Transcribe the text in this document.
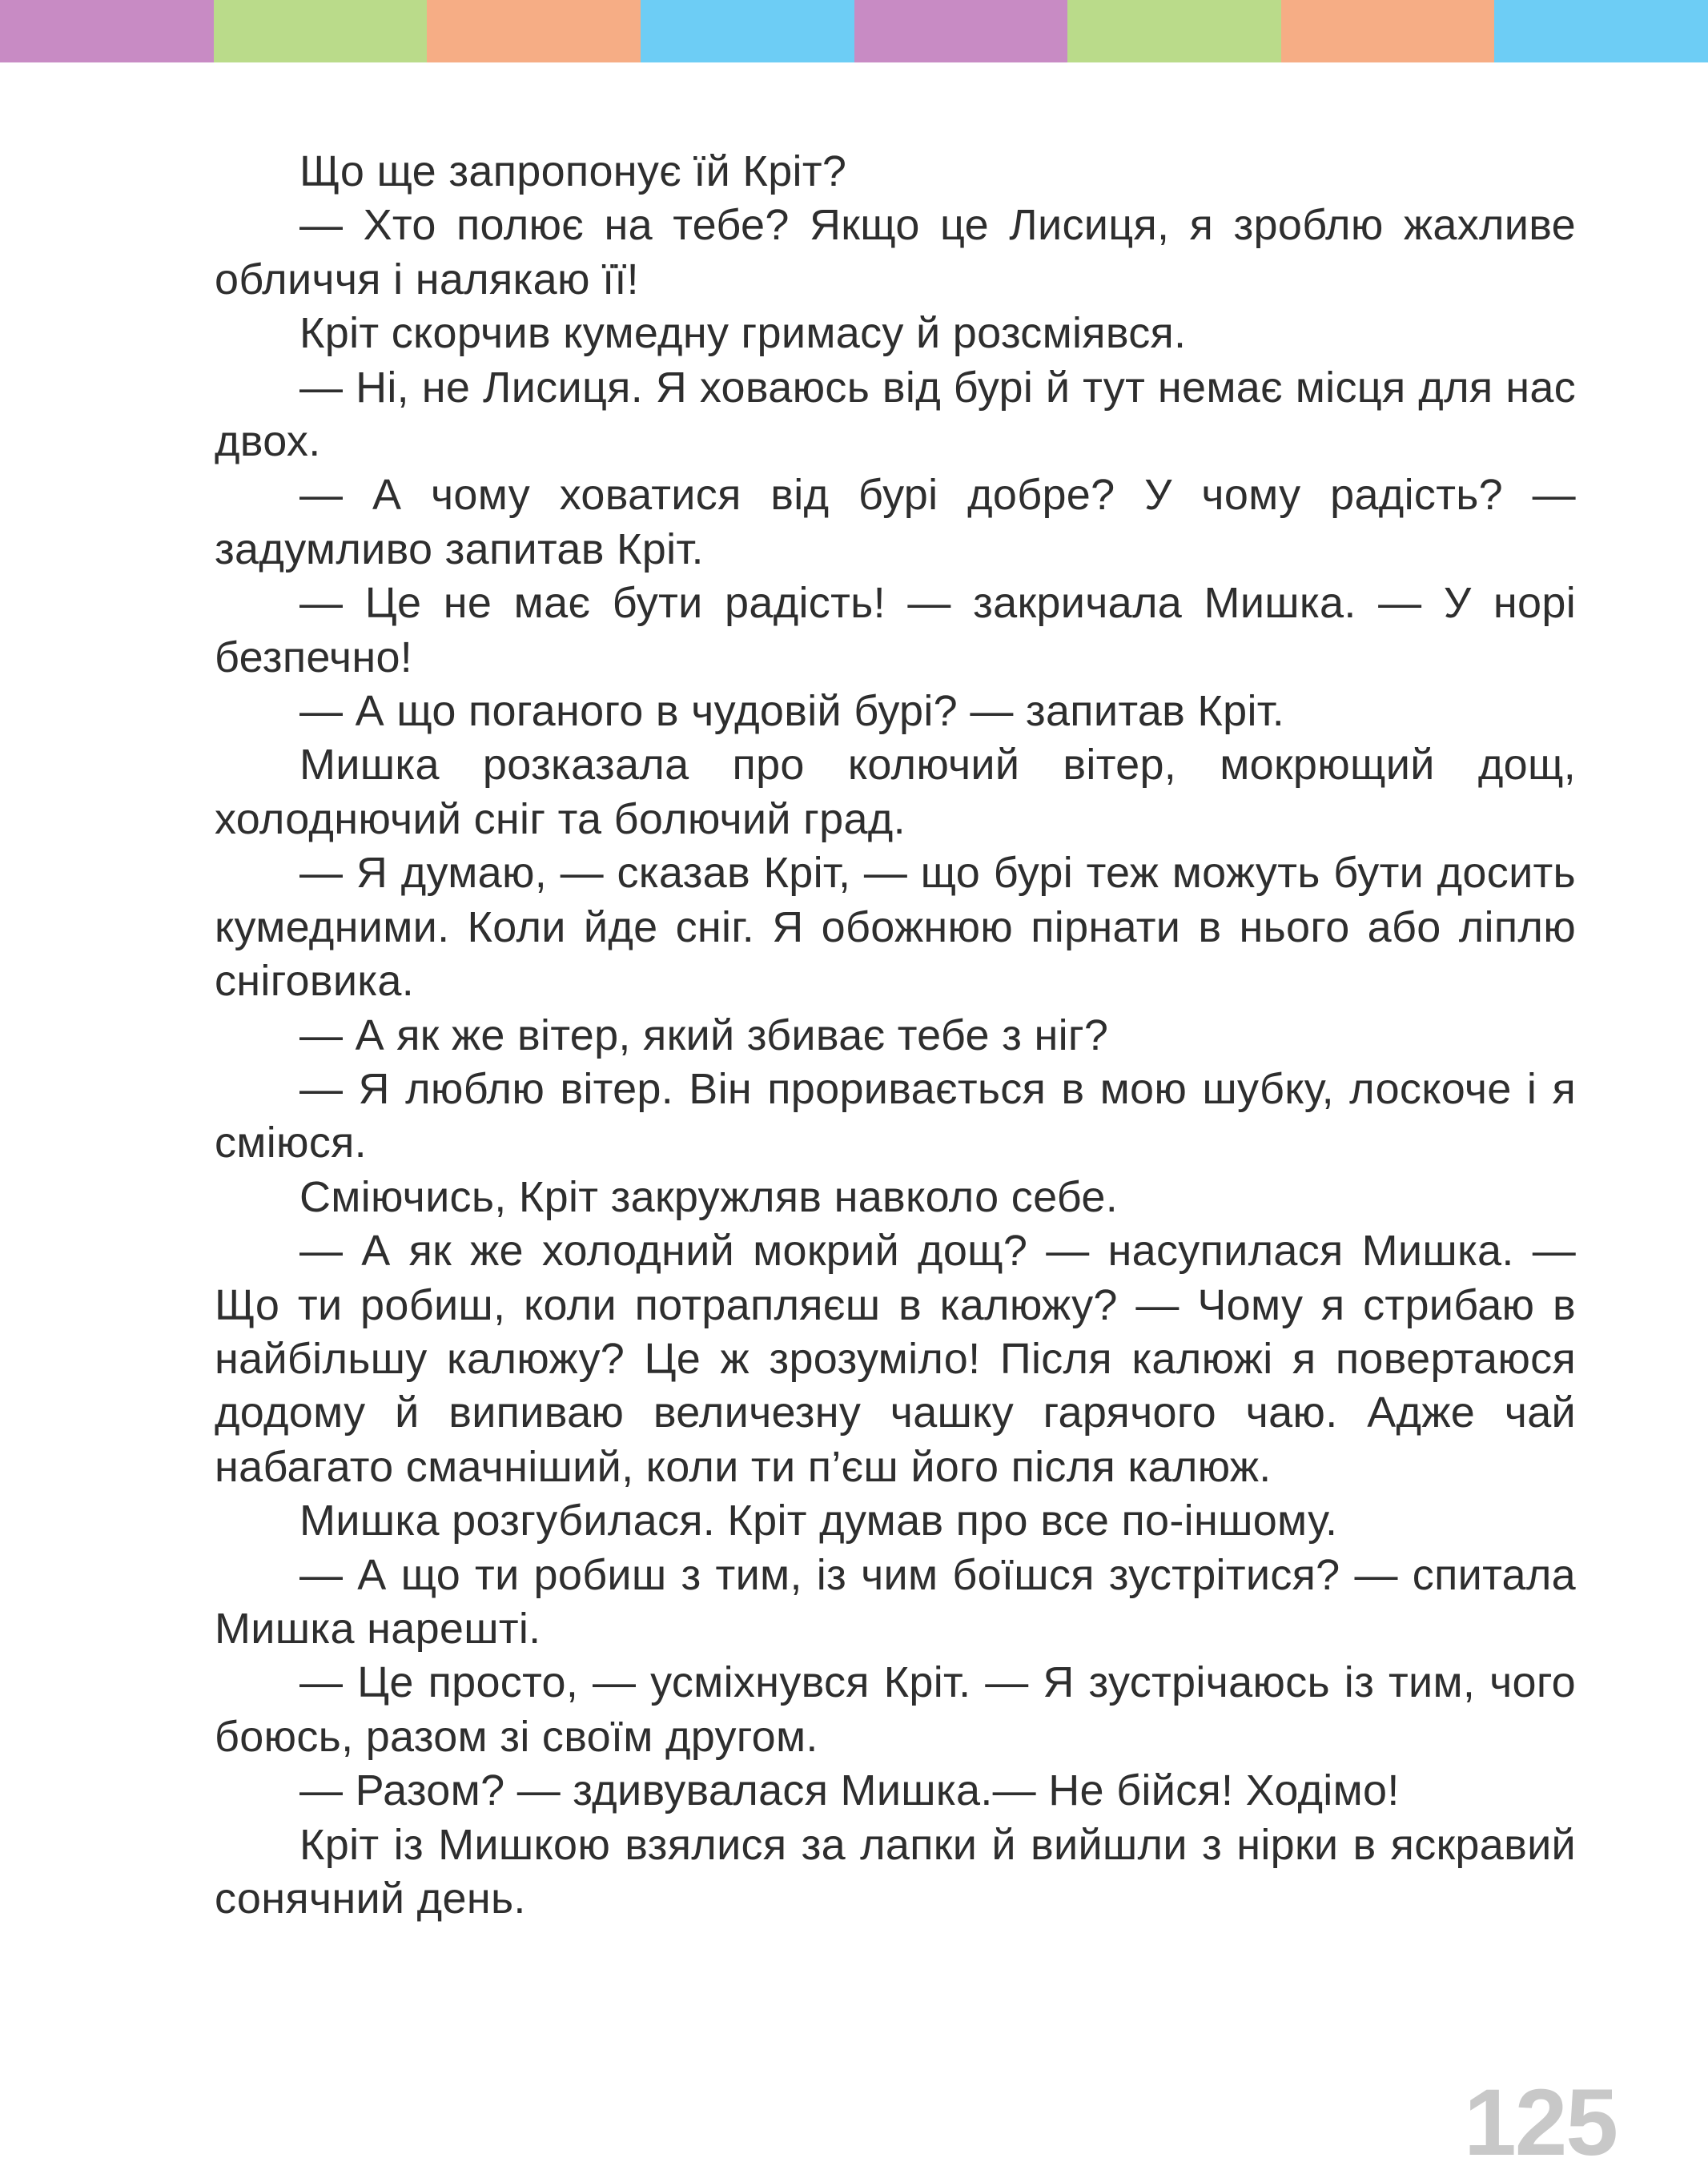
Що ще запропонує їй Кріт?

— Хто полює на тебе? Якщо це Лисиця, я зроблю жахливе обличчя і налякаю її!

Кріт скорчив кумедну гримасу й розсміявся.

— Ні, не Лисиця. Я ховаюсь від бурі й тут немає місця для нас двох.

— А чому ховатися від бурі добре? У чому радість? — задумливо запитав Кріт.

— Це не має бути радість! — закричала Мишка. — У норі безпечно!

— А що поганого в чудовій бурі? — запитав Кріт.

Мишка розказала про колючий вітер, мокрющий дощ, холоднючий сніг та болючий град.

— Я думаю, — сказав Кріт, — що бурі теж можуть бути досить кумедними. Коли йде сніг. Я обожнюю пірнати в нього або ліплю сніговика.

— А як же вітер, який збиває тебе з ніг?

— Я люблю вітер. Він проривається в мою шубку, лоскоче і я сміюся.

Сміючись, Кріт закружляв навколо себе.

— А як же холодний мокрий дощ? — насупилася Мишка. — Що ти робиш, коли потрапляєш в калюжу? — Чому я стрибаю в найбільшу калюжу? Це ж зрозуміло! Після калюжі я повертаюся додому й випиваю величезну чашку гарячого чаю. Адже чай набагато смачніший, коли ти п’єш його після калюж.

Мишка розгубилася. Кріт думав про все по-іншому.

— А що ти робиш з тим, із чим боїшся зустрітися? — спитала Мишка нарешті.

— Це просто, — усміхнувся Кріт. — Я зустрічаюсь із тим, чого боюсь, разом зі своїм другом.

— Разом? — здивувалася Мишка.— Не бійся! Ходімо!

Кріт із Мишкою взялися за лапки й вийшли з нірки в яскравий сонячний день.

125
